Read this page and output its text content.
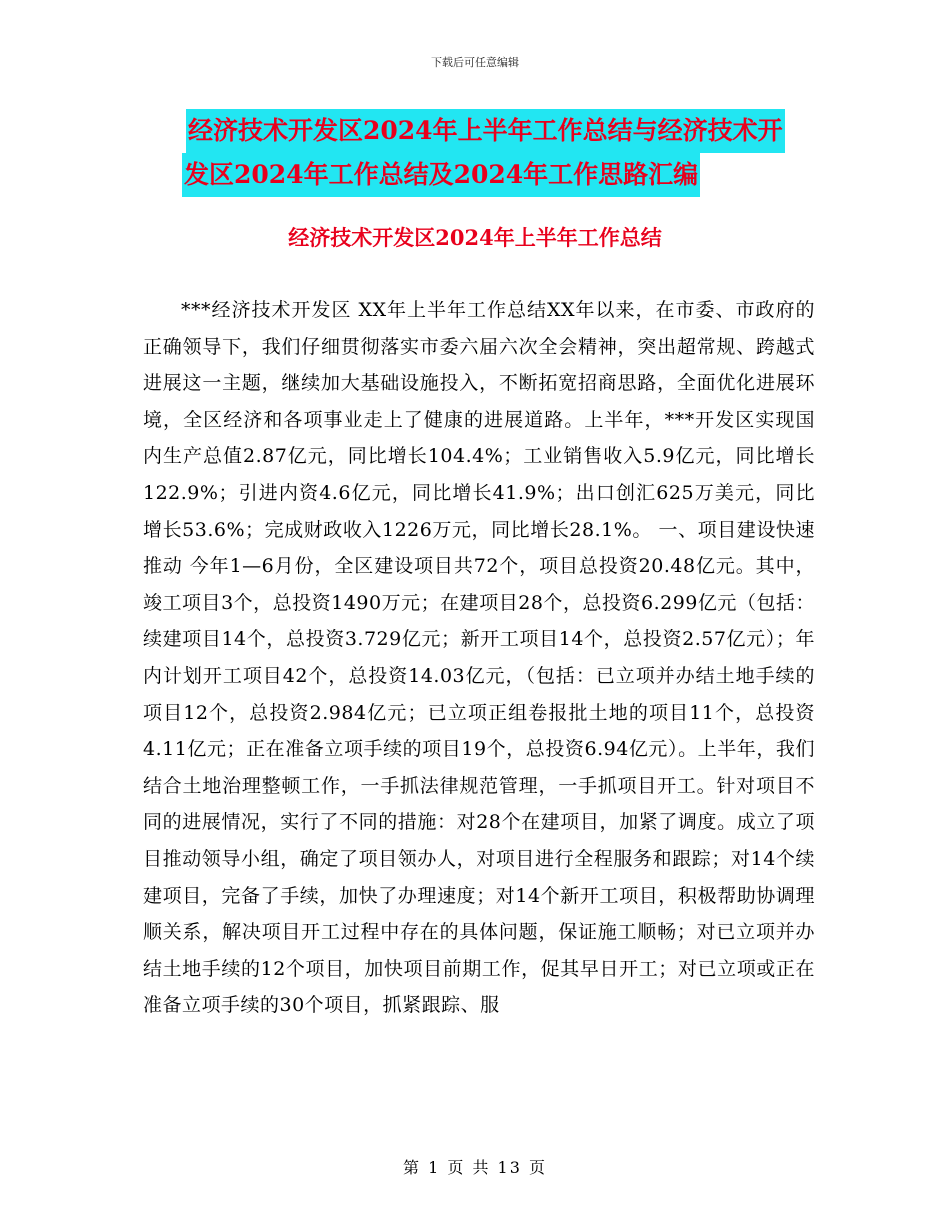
下载后可任意编辑
经济技术开发区2024年上半年工作总结与经济技术开
发区2024年工作总结及2024年工作思路汇编
经济技术开发区2024年上半年工作总结

***经济技术开发区 XX年上半年工作总结XX年以来，在市委、市政府的正确领导下，我们仔细贯彻落实市委六届六次全会精神，突出超常规、跨越式进展这一主题，继续加大基础设施投入，不断拓宽招商思路，全面优化进展环境，全区经济和各项事业走上了健康的进展道路。上半年，***开发区实现国内生产总值2.87亿元，同比增长104.4%；工业销售收入5.9亿元，同比增长122.9%；引进内资4.6亿元，同比增长41.9%；出口创汇625万美元，同比增长53.6%；完成财政收入1226万元，同比增长28.1%。 一、项目建设快速推动 今年1—6月份，全区建设项目共72个，项目总投资20.48亿元。其中，竣工项目3个，总投资1490万元；在建项目28个，总投资6.299亿元（包括：续建项目14个，总投资3.729亿元；新开工项目14个，总投资2.57亿元）；年内计划开工项目42个，总投资14.03亿元，（包括：已立项并办结土地手续的项目12个，总投资2.984亿元；已立项正组卷报批土地的项目11个，总投资4.11亿元；正在准备立项手续的项目19个，总投资6.94亿元）。上半年，我们结合土地治理整顿工作，一手抓法律规范管理，一手抓项目开工。针对项目不同的进展情况，实行了不同的措施：对28个在建项目，加紧了调度。成立了项目推动领导小组，确定了项目领办人，对项目进行全程服务和跟踪；对14个续建项目，完备了手续，加快了办理速度；对14个新开工项目，积极帮助协调理顺关系，解决项目开工过程中存在的具体问题，保证施工顺畅；对已立项并办结土地手续的12个项目，加快项目前期工作，促其早日开工；对已立项或正在准备立项手续的30个项目，抓紧跟踪、服

第 1 页 共 13 页
